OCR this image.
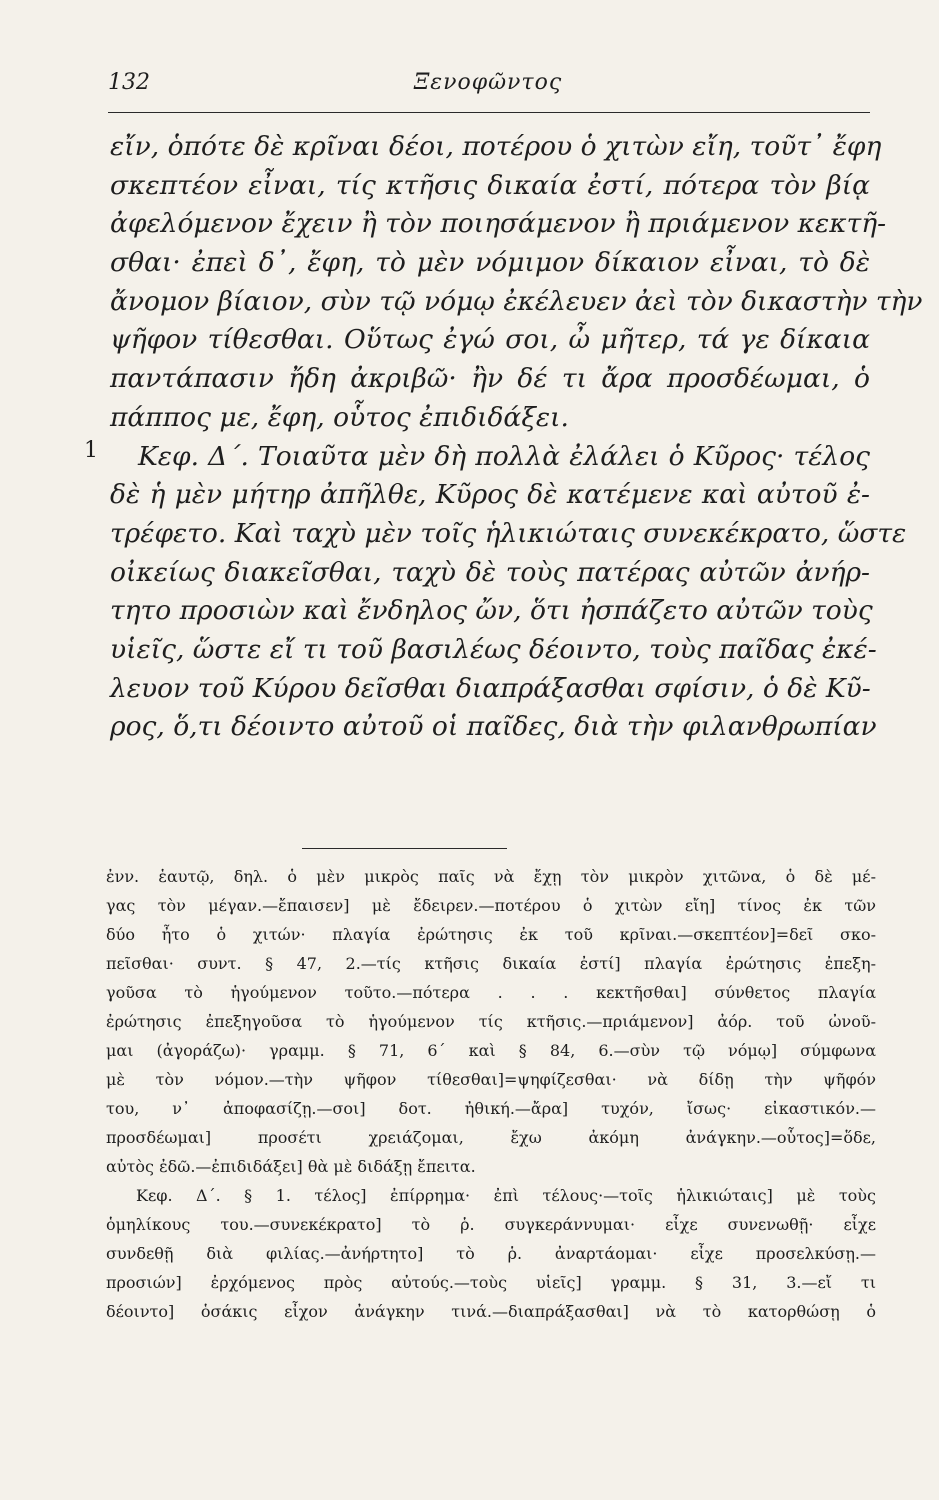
132	Ξενοφῶντος
εἴν, ὁπότε δὲ κρῖναι δέοι, ποτέρου ὁ χιτὼν εἴη, τοῦτ᾽ ἔφη
σκεπτέον εἶναι, τίς κτῆσις δικαία ἐστί, πότερα τὸν βίᾳ
ἀφελόμενον ἔχειν ἢ τὸν ποιησάμενον ἢ πριάμενον κεκτῆ-
σθαι· ἐπεὶ δ᾽, ἔφη, τὸ μὲν νόμιμον δίκαιον εἶναι, τὸ δὲ
ἄνομον βίαιον, σὺν τῷ νόμῳ ἐκέλευεν ἀεὶ τὸν δικαστὴν τὴν
ψῆφον τίθεσθαι. Οὕτως ἐγώ σοι, ὦ μῆτερ, τά γε δίκαια
παντάπασιν ἤδη ἀκριβῶ· ἢν δέ τι ἄρα προσδέωμαι, ὁ
πάππος με, ἔφη, οὗτος ἐπιδιδάξει.
1	Κεφ. Δ΄. Τοιαῦτα μὲν δὴ πολλὰ ἐλάλει ὁ Κῦρος· τέλος
δὲ ἡ μὲν μήτηρ ἀπῆλθε, Κῦρος δὲ κατέμενε καὶ αὐτοῦ ἐ-
τρέφετο. Καὶ ταχὺ μὲν τοῖς ἡλικιώταις συνεκέκρατο, ὥστε
οἰκείως διακεῖσθαι, ταχὺ δὲ τοὺς πατέρας αὐτῶν ἀνήρ-
τητο προσιὼν καὶ ἔνδηλος ὤν, ὅτι ἠσπάζετο αὐτῶν τοὺς
υἱεῖς, ὥστε εἴ τι τοῦ βασιλέως δέοιντο, τοὺς παῖδας ἐκέ-
λευον τοῦ Κύρου δεῖσθαι διαπράξασθαι σφίσιν, ὁ δὲ Κῦ-
ρος, ὅ,τι δέοιντο αὐτοῦ οἱ παῖδες, διὰ τὴν φιλανθρωπίαν
ἐνν. ἑαυτῷ, δηλ. ὁ μὲν μικρὸς παῖς νὰ ἔχῃ τὸν μικρὸν χιτῶνα, ὁ δὲ μέ-
γας τὸν μέγαν.—ἔπαισεν] μὲ ἔδειρεν.—ποτέρου ὁ χιτὼν εἴη] τίνος ἐκ τῶν
δύο ἦτο ὁ χιτών· πλαγία ἐρώτησις ἐκ τοῦ κρῖναι.—σκεπτέον]=δεῖ σκο-
πεῖσθαι· συντ. § 47, 2.—τίς κτῆσις δικαία ἐστί] πλαγία ἐρώτησις ἐπεξη-
γοῦσα τὸ ἡγούμενον τοῦτο.—πότερα . . . κεκτῆσθαι] σύνθετος πλαγία
ἐρώτησις ἐπεξηγοῦσα τὸ ἡγούμενον τίς κτῆσις.—πριάμενον] ἀόρ. τοῦ ὠνοῦ-
μαι (ἀγοράζω)· γραμμ. § 71, 6΄ καὶ § 84, 6.—σὺν τῷ νόμῳ] σύμφωνα
μὲ τὸν νόμον.—τὴν ψῆφον τίθεσθαι]=ψηφίζεσθαι· νὰ δίδῃ τὴν ψῆφόν
του, ν᾽ ἀποφασίζῃ.—σοι] δοτ. ἠθική.—ἄρα] τυχόν, ἴσως· εἰκαστικόν.—
προσδέωμαι] προσέτι χρειάζομαι, ἔχω ἀκόμη ἀνάγκην.—οὗτος]=ὅδε,
αὐτὸς ἐδῶ.—ἐπιδιδάξει] θὰ μὲ διδάξῃ ἔπειτα.
Κεφ. Δ΄. § 1. τέλος] ἐπίρρημα· ἐπὶ τέλους·—τοῖς ἡλικιώταις] μὲ τοὺς
ὁμηλίκους του.—συνεκέκρατο] τὸ ῥ. συγκεράννυμαι· εἶχε συνενωθῇ· εἶχε
συνδεθῇ διὰ φιλίας.—ἀνήρτητο] τὸ ῥ. ἀναρτάομαι· εἶχε προσελκύσῃ.—
προσιών] ἐρχόμενος πρὸς αὐτούς.—τοὺς υἱεῖς] γραμμ. § 31, 3.—εἴ τι
δέοιντο] ὁσάκις εἶχον ἀνάγκην τινά.—διαπράξασθαι] νὰ τὸ κατορθώσῃ ὁ
